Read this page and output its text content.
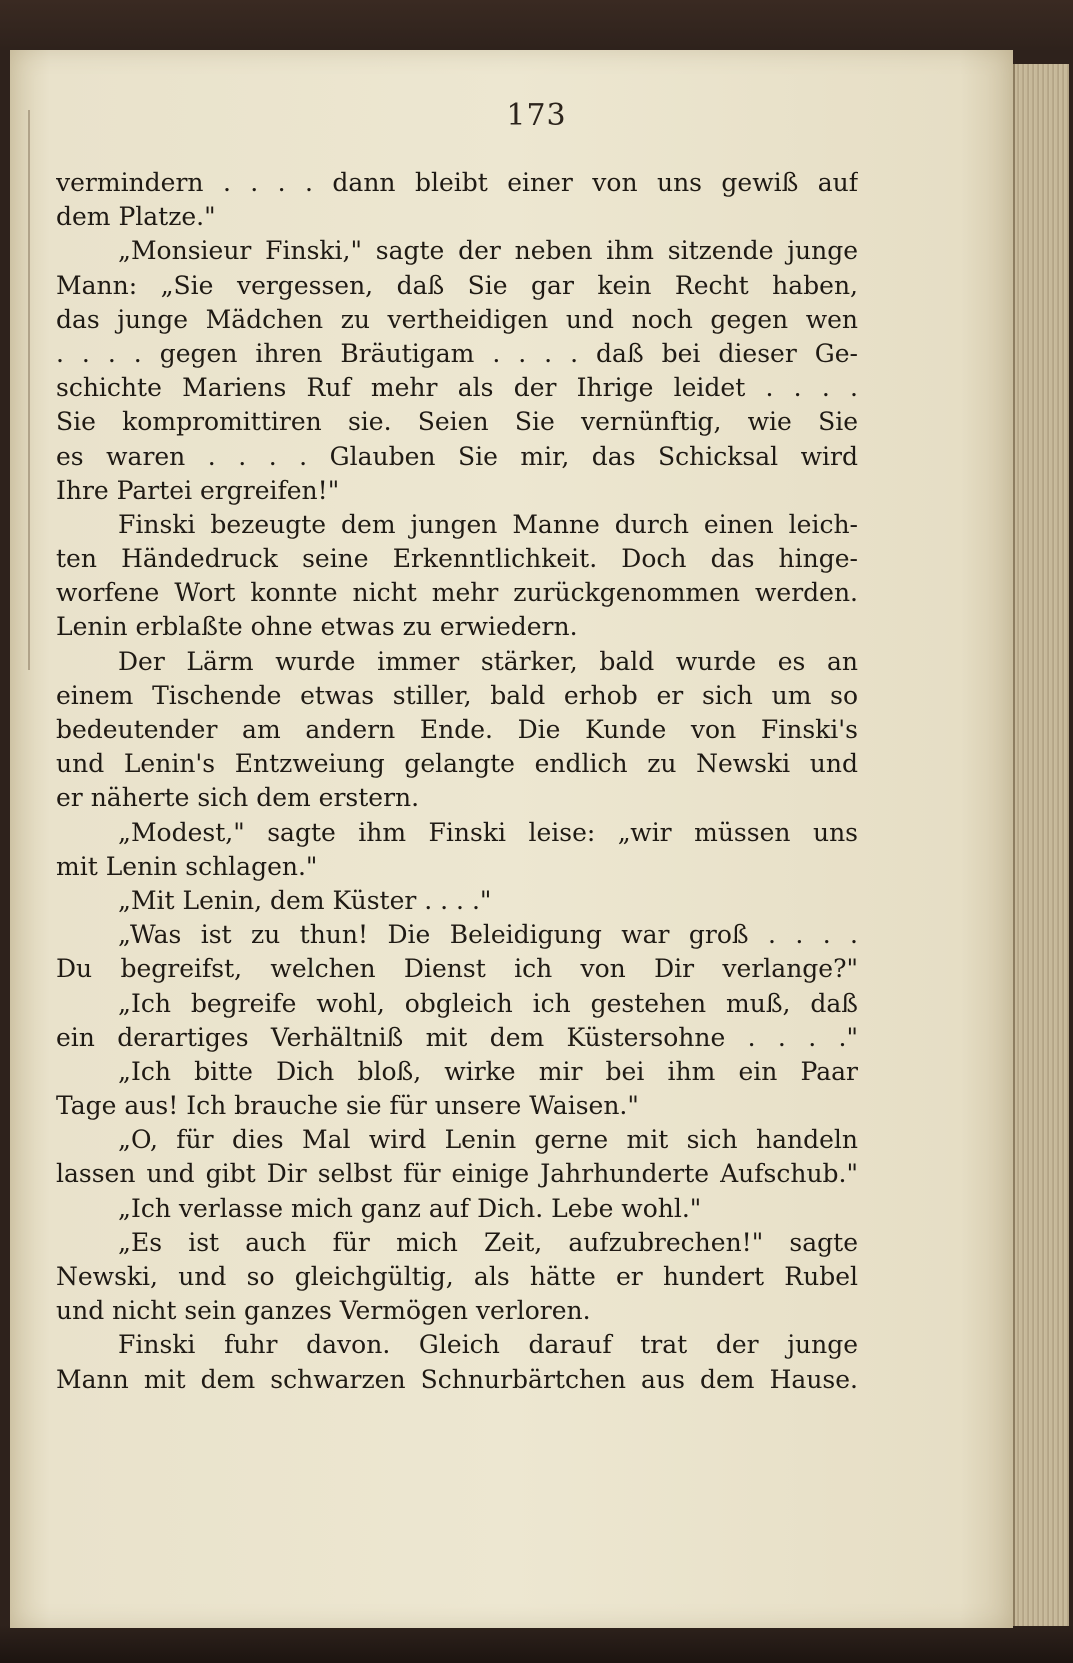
173
vermindern . . . . dann bleibt einer von uns gewiß auf
dem Platze."
„Monsieur Finski," sagte der neben ihm sitzende junge
Mann: „Sie vergessen, daß Sie gar kein Recht haben,
das junge Mädchen zu vertheidigen und noch gegen wen
. . . . gegen ihren Bräutigam . . . . daß bei dieser Ge-
schichte Mariens Ruf mehr als der Ihrige leidet . . . .
Sie kompromittiren sie. Seien Sie vernünftig, wie Sie
es waren . . . . Glauben Sie mir, das Schicksal wird
Ihre Partei ergreifen!"
Finski bezeugte dem jungen Manne durch einen leich-
ten Händedruck seine Erkenntlichkeit. Doch das hinge-
worfene Wort konnte nicht mehr zurückgenommen werden.
Lenin erblaßte ohne etwas zu erwiedern.
Der Lärm wurde immer stärker, bald wurde es an
einem Tischende etwas stiller, bald erhob er sich um so
bedeutender am andern Ende. Die Kunde von Finski's
und Lenin's Entzweiung gelangte endlich zu Newski und
er näherte sich dem erstern.
„Modest," sagte ihm Finski leise: „wir müssen uns
mit Lenin schlagen."
„Mit Lenin, dem Küster . . . ."
„Was ist zu thun! Die Beleidigung war groß . . . .
Du begreifst, welchen Dienst ich von Dir verlange?"
„Ich begreife wohl, obgleich ich gestehen muß, daß
ein derartiges Verhältniß mit dem Küstersohne . . . ."
„Ich bitte Dich bloß, wirke mir bei ihm ein Paar
Tage aus! Ich brauche sie für unsere Waisen."
„O, für dies Mal wird Lenin gerne mit sich handeln
lassen und gibt Dir selbst für einige Jahrhunderte Aufschub."
„Ich verlasse mich ganz auf Dich. Lebe wohl."
„Es ist auch für mich Zeit, aufzubrechen!" sagte
Newski, und so gleichgültig, als hätte er hundert Rubel
und nicht sein ganzes Vermögen verloren.
Finski fuhr davon. Gleich darauf trat der junge
Mann mit dem schwarzen Schnurbärtchen aus dem Hause.
